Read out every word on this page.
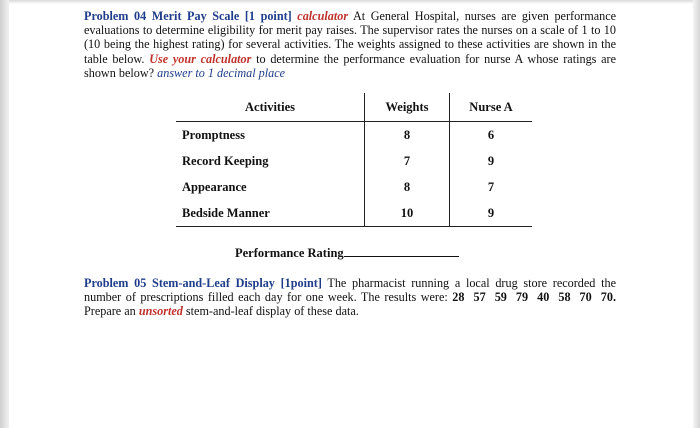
Problem 04 Merit Pay Scale [1 point] calculator At General Hospital, nurses are given performance evaluations to determine eligibility for merit pay raises. The supervisor rates the nurses on a scale of 1 to 10 (10 being the highest rating) for several activities. The weights assigned to these activities are shown in the table below. Use your calculator to determine the performance evaluation for nurse A whose ratings are shown below? answer to 1 decimal place
Activities	Weights	Nurse A
Promptness	8	6
Record Keeping	7	9
Appearance	8	7
Bedside Manner	10	9
Performance Rating
Problem 05 Stem-and-Leaf Display [1point] The pharmacist running a local drug store recorded the number of prescriptions filled each day for one week. The results were: 28  57  59  79  40  58  70  70. Prepare an unsorted stem-and-leaf display of these data.
